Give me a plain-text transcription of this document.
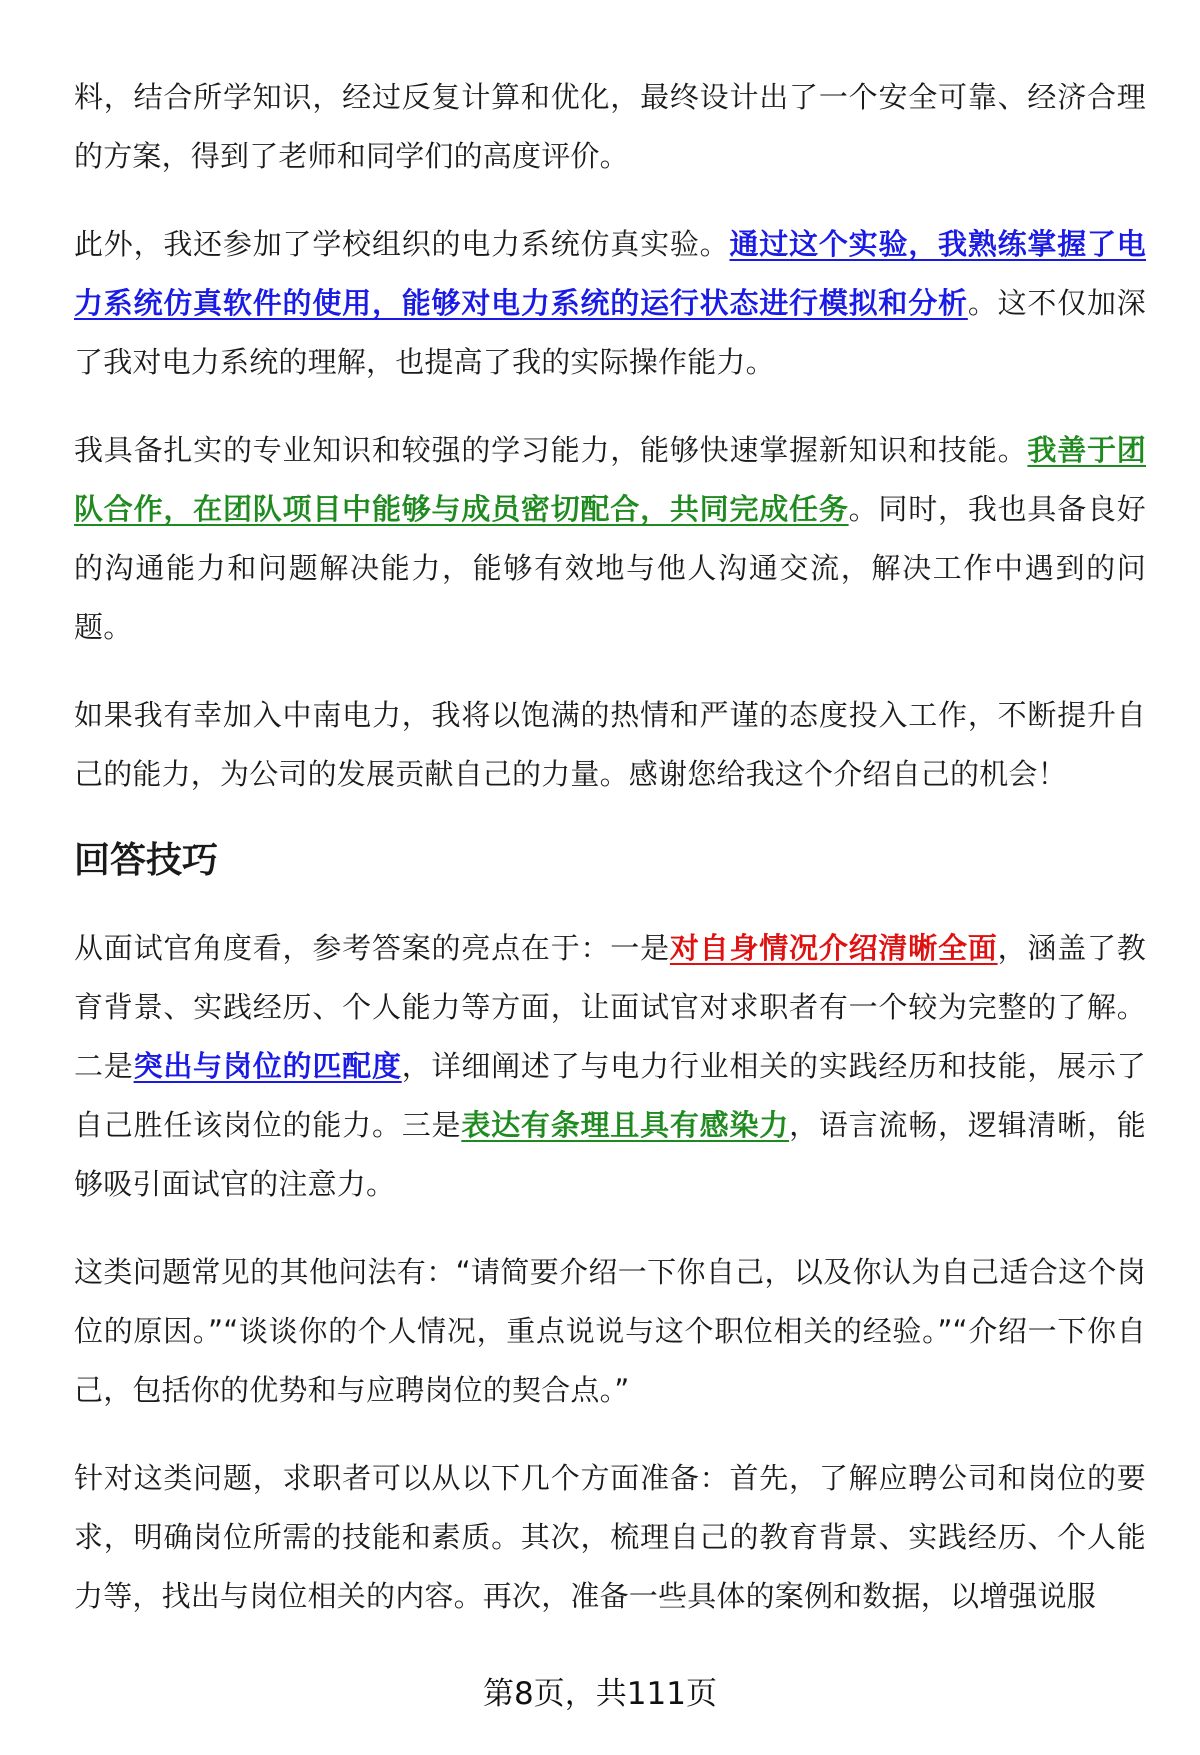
料，结合所学知识，经过反复计算和优化，最终设计出了一个安全可靠、经济合理的方案，得到了老师和同学们的高度评价。

此外，我还参加了学校组织的电力系统仿真实验。通过这个实验，我熟练掌握了电力系统仿真软件的使用，能够对电力系统的运行状态进行模拟和分析。这不仅加深了我对电力系统的理解，也提高了我的实际操作能力。

我具备扎实的专业知识和较强的学习能力，能够快速掌握新知识和技能。我善于团队合作，在团队项目中能够与成员密切配合，共同完成任务。同时，我也具备良好的沟通能力和问题解决能力，能够有效地与他人沟通交流，解决工作中遇到的问题。

如果我有幸加入中南电力，我将以饱满的热情和严谨的态度投入工作，不断提升自己的能力，为公司的发展贡献自己的力量。感谢您给我这个介绍自己的机会！

回答技巧

从面试官角度看，参考答案的亮点在于：一是对自身情况介绍清晰全面，涵盖了教育背景、实践经历、个人能力等方面，让面试官对求职者有一个较为完整的了解。二是突出与岗位的匹配度，详细阐述了与电力行业相关的实践经历和技能，展示了自己胜任该岗位的能力。三是表达有条理且具有感染力，语言流畅，逻辑清晰，能够吸引面试官的注意力。

这类问题常见的其他问法有：“请简要介绍一下你自己，以及你认为自己适合这个岗位的原因。”“谈谈你的个人情况，重点说说与这个职位相关的经验。”“介绍一下你自己，包括你的优势和与应聘岗位的契合点。”

针对这类问题，求职者可以从以下几个方面准备：首先，了解应聘公司和岗位的要求，明确岗位所需的技能和素质。其次，梳理自己的教育背景、实践经历、个人能力等，找出与岗位相关的内容。再次，准备一些具体的案例和数据，以增强说服

第8页，共111页
